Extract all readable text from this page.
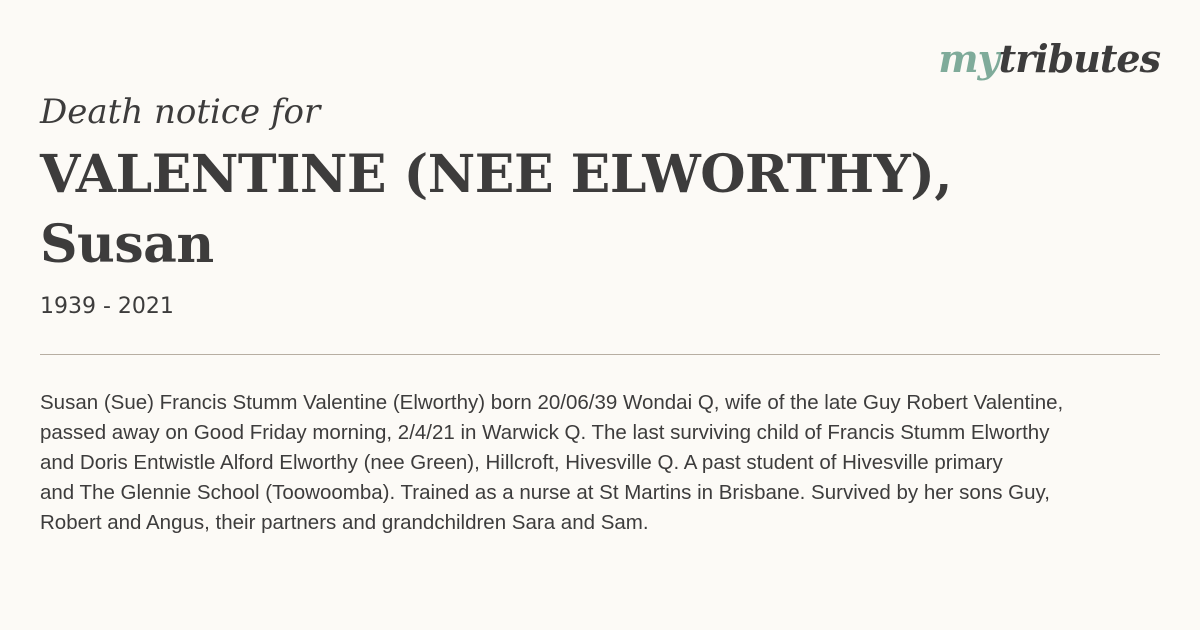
mytributes

Death notice for

VALENTINE (NEE ELWORTHY),
Susan

1939 - 2021

Susan (Sue) Francis Stumm Valentine (Elworthy) born 20/06/39 Wondai Q, wife of the late Guy Robert Valentine,
passed away on Good Friday morning, 2/4/21 in Warwick Q. The last surviving child of Francis Stumm Elworthy
and Doris Entwistle Alford Elworthy (nee Green), Hillcroft, Hivesville Q. A past student of Hivesville primary
and The Glennie School (Toowoomba). Trained as a nurse at St Martins in Brisbane. Survived by her sons Guy,
Robert and Angus, their partners and grandchildren Sara and Sam.
